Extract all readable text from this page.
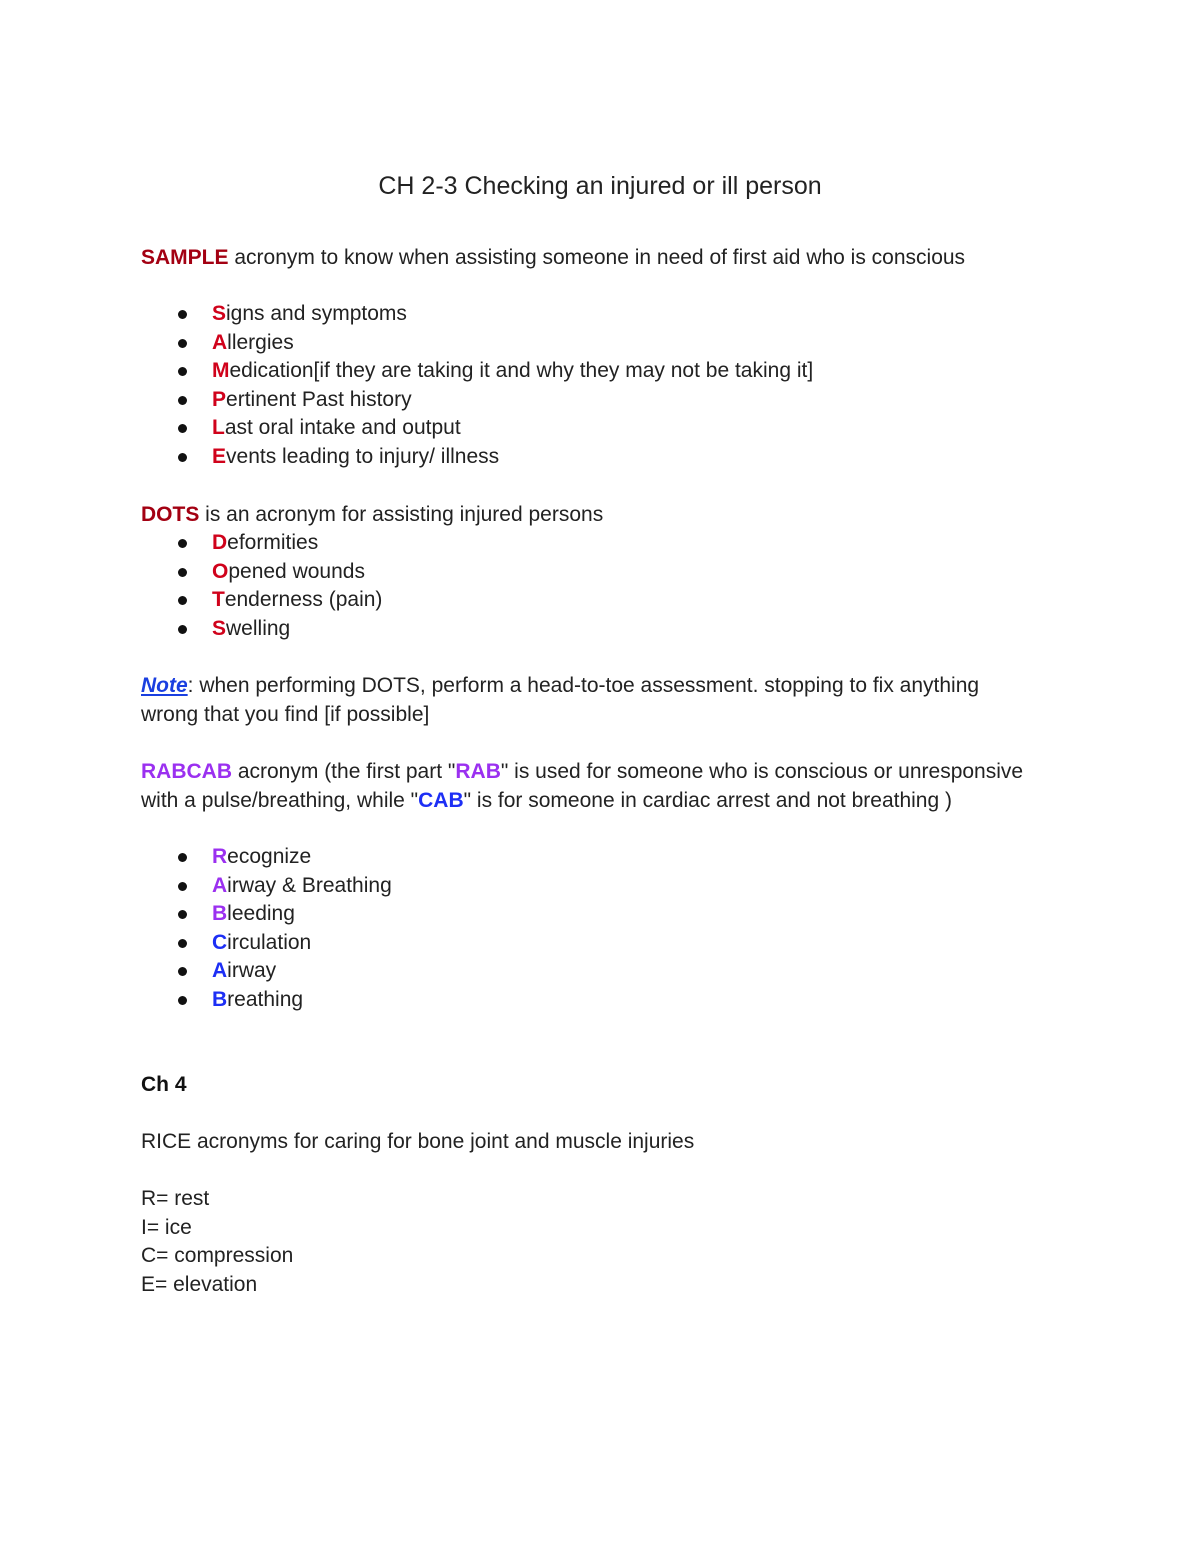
CH 2-3 Checking an injured or ill person
SAMPLE acronym to know when assisting someone in need of first aid who is conscious
Signs and symptoms
Allergies
Medication[if they are taking it and why they may not be taking it]
Pertinent Past history
Last oral intake and output
Events leading to injury/ illness
DOTS is an acronym for assisting injured persons
Deformities
Opened wounds
Tenderness (pain)
Swelling
Note: when performing DOTS, perform a head-to-toe assessment. stopping to fix anything
wrong that you find [if possible]
RABCAB acronym (the first part "RAB" is used for someone who is conscious or unresponsive
with a pulse/breathing, while "CAB" is for someone in cardiac arrest and not breathing )
Recognize
Airway & Breathing
Bleeding
Circulation
Airway
Breathing
Ch 4
RICE acronyms for caring for bone joint and muscle injuries
R= rest
I= ice
C= compression
E= elevation
